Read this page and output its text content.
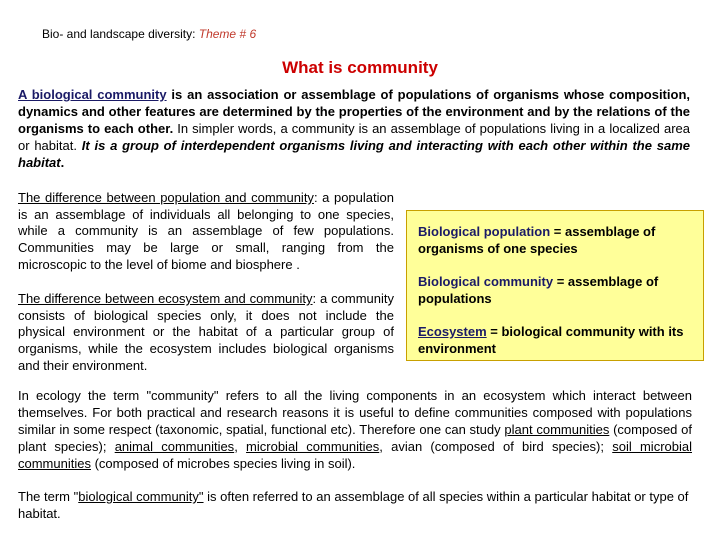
Bio- and landscape diversity: Theme # 6
What is community
A biological community is an association or assemblage of populations of organisms whose composition, dynamics and other features are determined by the properties of the environment and by the relations of the organisms to each other. In simpler words, a community is an assemblage of populations living in a localized area or habitat. It is a group of interdependent organisms living and interacting with each other within the same habitat.
The difference between population and community: a population is an assemblage of individuals all belonging to one species, while a community is an assemblage of few populations. Communities may be large or small, ranging from the microscopic to the level of biome and biosphere .
The difference between ecosystem and community: a community consists of biological species only, it does not include the physical environment or the habitat of a particular group of organisms, while the ecosystem includes biological organisms and their environment.
Biological population = assemblage of organisms of one species
Biological community = assemblage of populations
Ecosystem = biological community with its environment
In ecology the term "community" refers to all the living components in an ecosystem which interact between themselves. For both practical and research reasons it is useful to define communities composed with populations similar in some respect (taxonomic, spatial, functional etc). Therefore one can study plant communities (composed of plant species); animal communities, microbial communities, avian (composed of bird species); soil microbial communities (composed of microbes species living in soil).
The term "biological community" is often referred to an assemblage of all species within a particular habitat or type of habitat.
